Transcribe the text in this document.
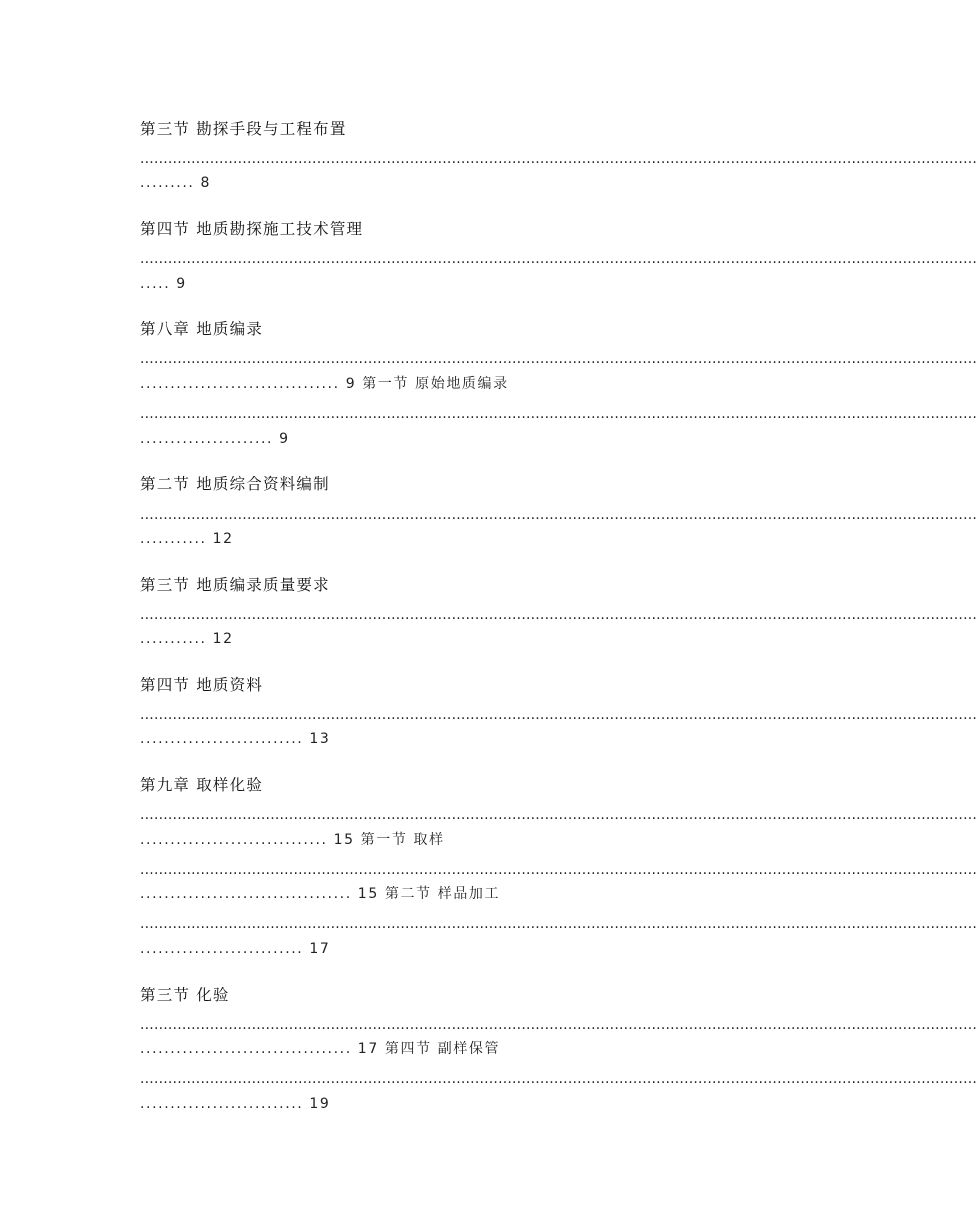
第三节 勘探手段与工程布置
....................................................................................................................................................................................
......... 8
第四节 地质勘探施工技术管理
....................................................................................................................................................................................
..... 9
第八章 地质编录
....................................................................................................................................................................................
................................. 9 第一节 原始地质编录
....................................................................................................................................................................................
...................... 9
第二节 地质综合资料编制
....................................................................................................................................................................................
........... 12
第三节 地质编录质量要求
....................................................................................................................................................................................
........... 12
第四节 地质资料
....................................................................................................................................................................................
........................... 13
第九章 取样化验
....................................................................................................................................................................................
............................... 15 第一节 取样
....................................................................................................................................................................................
................................... 15 第二节 样品加工
....................................................................................................................................................................................
........................... 17
第三节 化验
....................................................................................................................................................................................
................................... 17 第四节 副样保管
....................................................................................................................................................................................
........................... 19
